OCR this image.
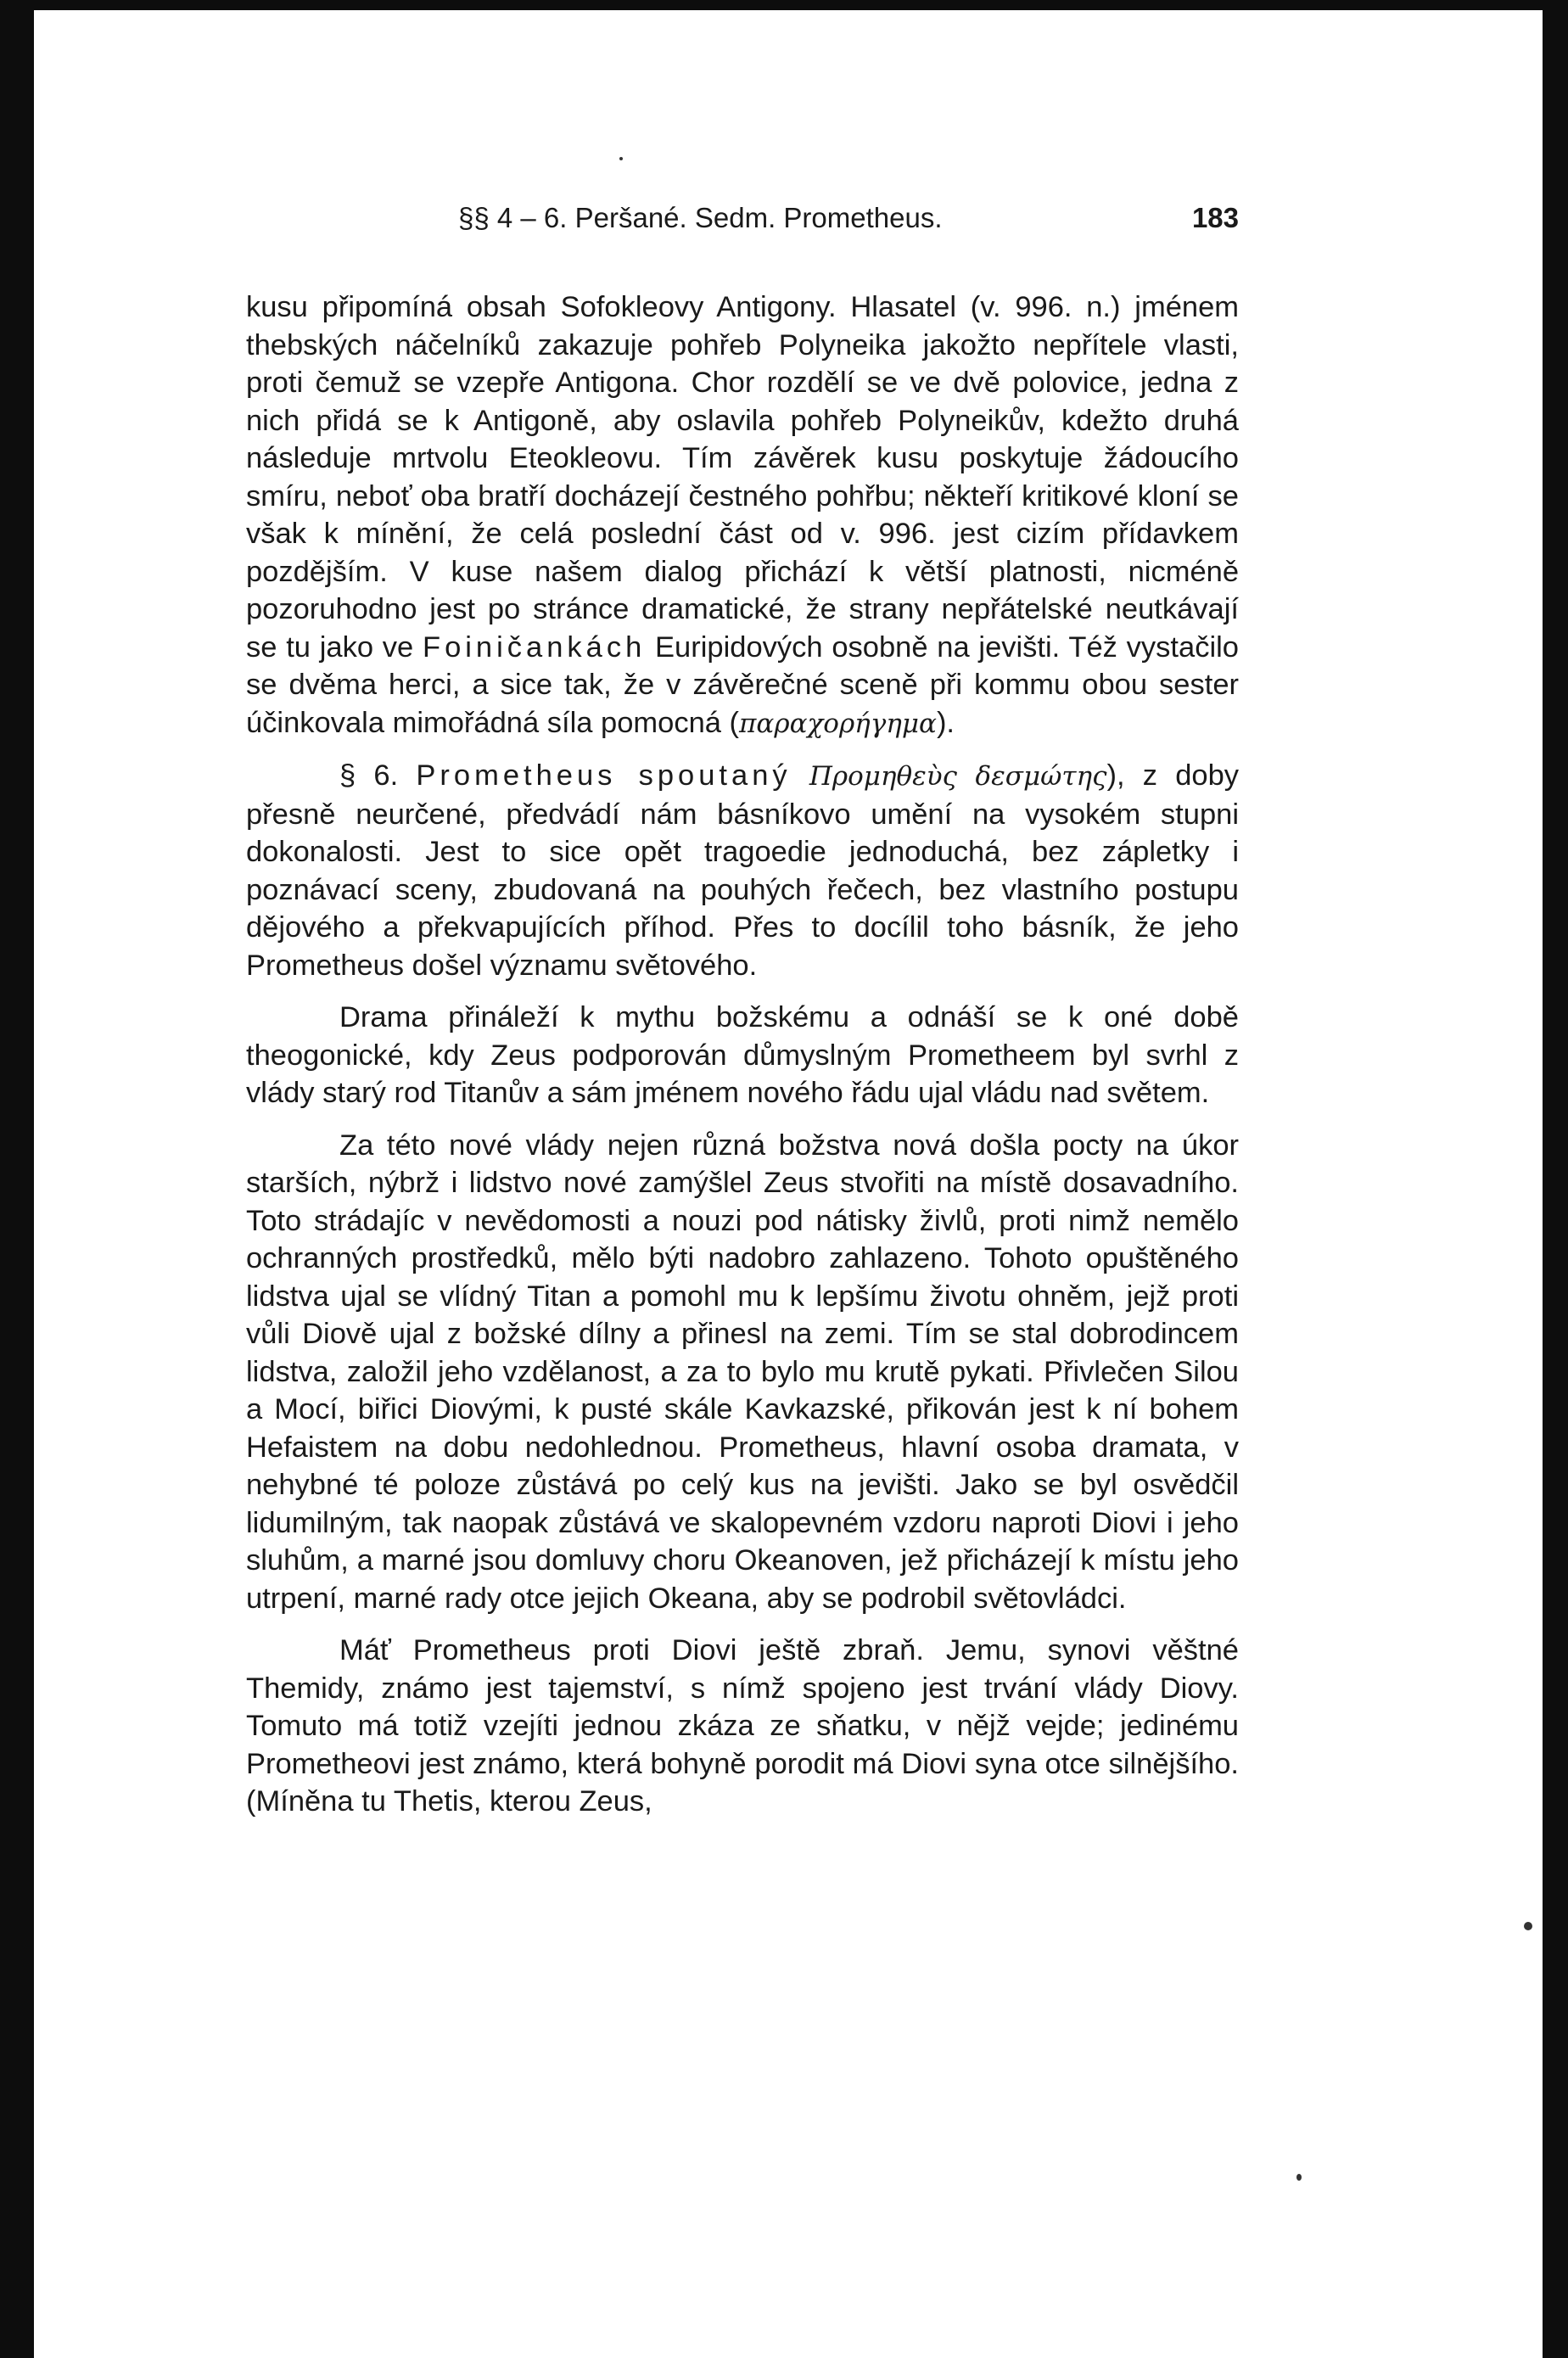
§§ 4 – 6. Peršané. Sedm. Prometheus.	183

kusu připomíná obsah Sofokleovy Antigony. Hlasatel (v. 996. n.) jménem thebských náčelníků zakazuje pohřeb Polyneika jakožto nepřítele vlasti, proti čemuž se vzepře Antigona. Chor rozdělí se ve dvě polovice, jedna z nich přidá se k Antigoně, aby oslavila pohřeb Polyneikův, kdežto druhá následuje mrtvolu Eteokleovu. Tím závěrek kusu poskytuje žádoucího smíru, neboť oba bratří docházejí čestného pohřbu; někteří kritikové kloní se však k mínění, že celá poslední část od v. 996. jest cizím přídavkem pozdějším. V kuse našem dialog přichází k větší platnosti, nicméně pozoruhodno jest po stránce dramatické, že strany nepřátelské neutkávají se tu jako ve Foiničankách Euripidových osobně na jevišti. Též vystačilo se dvěma herci, a sice tak, že v závěrečné sceně při kommu obou sester účinkovala mimořádná síla pomocná (παραχορήγημα).

§ 6. Prometheus spoutaný Προμηθεὺς δεσμώτης), z doby přesně neurčené, předvádí nám básníkovo umění na vysokém stupni dokonalosti. Jest to sice opět tragoedie jednoduchá, bez zápletky i poznávací sceny, zbudovaná na pouhých řečech, bez vlastního postupu dějového a překvapujících příhod. Přes to docílil toho básník, že jeho Prometheus došel významu světového.

Drama přináleží k mythu božskému a odnáší se k oné době theogonické, kdy Zeus podporován důmyslným Prometheem byl svrhl z vlády starý rod Titanův a sám jménem nového řádu ujal vládu nad světem.

Za této nové vlády nejen různá božstva nová došla pocty na úkor starších, nýbrž i lidstvo nové zamýšlel Zeus stvořiti na místě dosavadního. Toto strádajíc v nevědomosti a nouzi pod nátisky živlů, proti nimž nemělo ochranných prostředků, mělo býti nadobro zahlazeno. Tohoto opuštěného lidstva ujal se vlídný Titan a pomohl mu k lepšímu životu ohněm, jejž proti vůli Diově ujal z božské dílny a přinesl na zemi. Tím se stal dobrodincem lidstva, založil jeho vzdělanost, a za to bylo mu krutě pykati. Přivlečen Silou a Mocí, biřici Diovými, k pusté skále Kavkazské, přikován jest k ní bohem Hefaistem na dobu nedohlednou. Prometheus, hlavní osoba dramata, v nehybné té poloze zůstává po celý kus na jevišti. Jako se byl osvědčil lidumilným, tak naopak zůstává ve skalopevném vzdoru naproti Diovi i jeho sluhům, a marné jsou domluvy choru Okeanoven, jež přicházejí k místu jeho utrpení, marné rady otce jejich Okeana, aby se podrobil světovládci.

Máť Prometheus proti Diovi ještě zbraň. Jemu, synovi věštné Themidy, známo jest tajemství, s nímž spojeno jest trvání vlády Diovy. Tomuto má totiž vzejíti jednou zkáza ze sňatku, v nějž vejde; jedinému Prometheovi jest známo, která bohyně porodit má Diovi syna otce silnějšího. (Míněna tu Thetis, kterou Zeus,
